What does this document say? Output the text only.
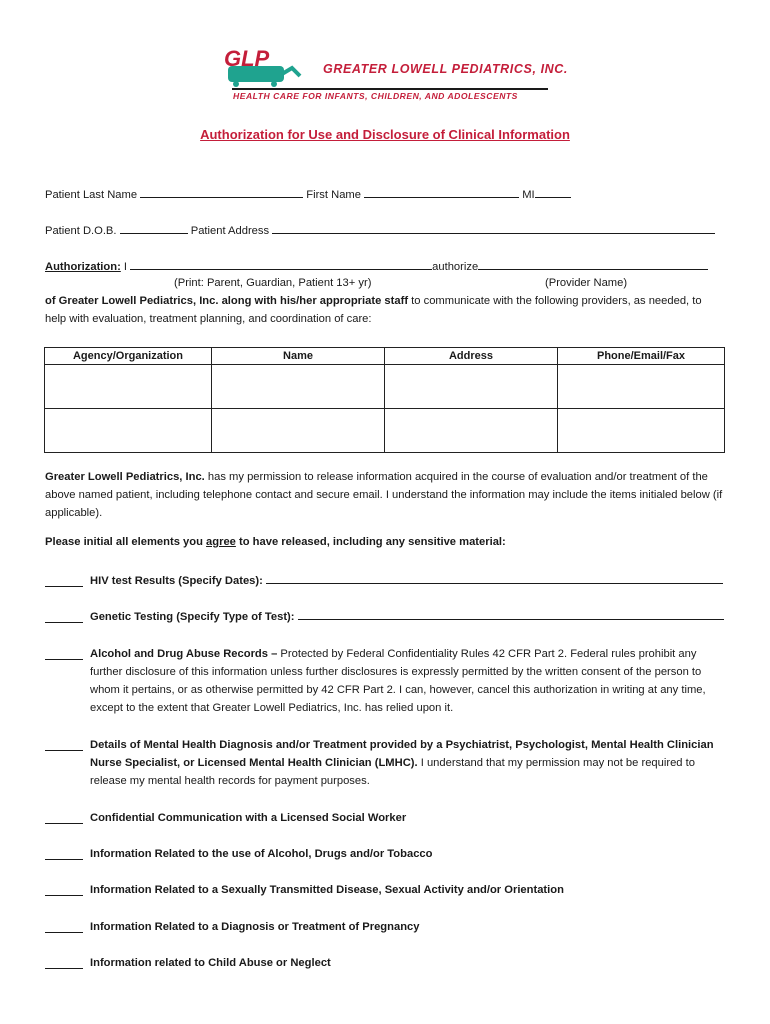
GLP	GREATER LOWELL PEDIATRICS, INC.
HEALTH CARE FOR INFANTS, CHILDREN, AND ADOLESCENTS
Authorization for Use and Disclosure of Clinical Information
Patient Last Name	First Name	MI
Patient D.O.B.	Patient Address
Authorization: I	authorize
(Print: Parent, Guardian, Patient 13+ yr)	(Provider Name)
of Greater Lowell Pediatrics, Inc. along with his/her appropriate staff to communicate with the following providers, as needed, to help with evaluation, treatment planning, and coordination of care:
Agency/Organization	Name	Address	Phone/Email/Fax

Greater Lowell Pediatrics, Inc. has my permission to release information acquired in the course of evaluation and/or treatment of the above named patient, including telephone contact and secure email. I understand the information may include the items initialed below (if applicable).
Please initial all elements you agree to have released, including any sensitive material:
HIV test Results (Specify Dates):
Genetic Testing (Specify Type of Test):
Alcohol and Drug Abuse Records – Protected by Federal Confidentiality Rules 42 CFR Part 2. Federal rules prohibit any further disclosure of this information unless further disclosures is expressly permitted by the written consent of the person to whom it pertains, or as otherwise permitted by 42 CFR Part 2. I can, however, cancel this authorization in writing at any time, except to the extent that Greater Lowell Pediatrics, Inc. has relied upon it.
Details of Mental Health Diagnosis and/or Treatment provided by a Psychiatrist, Psychologist, Mental Health Clinician Nurse Specialist, or Licensed Mental Health Clinician (LMHC). I understand that my permission may not be required to release my mental health records for payment purposes.
Confidential Communication with a Licensed Social Worker
Information Related to the use of Alcohol, Drugs and/or Tobacco
Information Related to a Sexually Transmitted Disease, Sexual Activity and/or Orientation
Information Related to a Diagnosis or Treatment of Pregnancy
Information related to Child Abuse or Neglect
